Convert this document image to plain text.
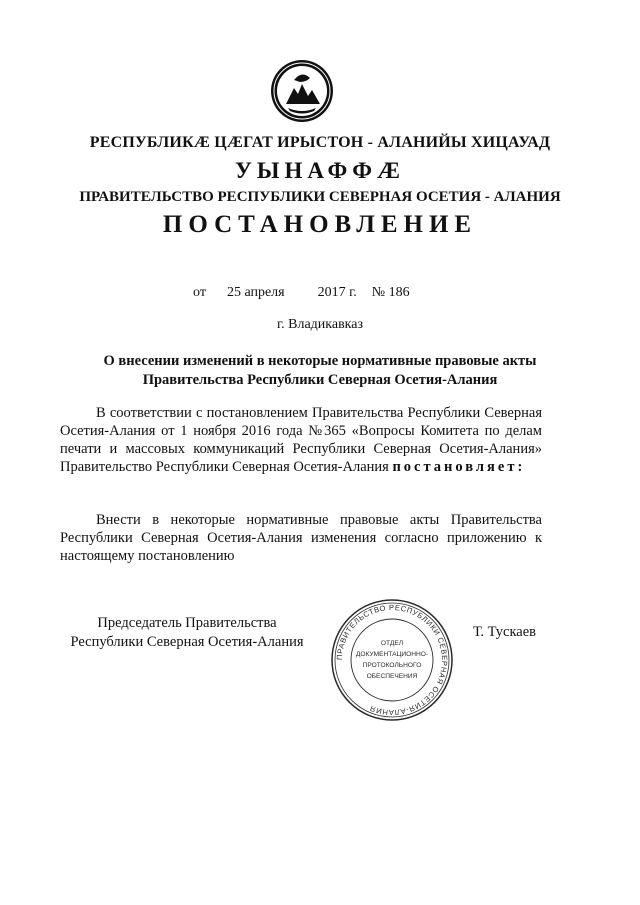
РЕСПУБЛИКӔ ЦӔГАТ ИРЫСТОН - АЛАНИЙЫ ХИЦАУАД
УЫНАФФӔ
ПРАВИТЕЛЬСТВО РЕСПУБЛИКИ СЕВЕРНАЯ ОСЕТИЯ - АЛАНИЯ
ПОСТАНОВЛЕНИЕ
от 25 апреля 2017 г. № 186
г. Владикавказ
О внесении изменений в некоторые нормативные правовые акты
Правительства Республики Северная Осетия-Алания
В соответствии с постановлением Правительства Республики Северная Осетия-Алания от 1 ноября 2016 года №365 «Вопросы Комитета по делам печати и массовых коммуникаций Республики Северная Осетия-Алания» Правительство Республики Северная Осетия-Алания постановляет:
Внести в некоторые нормативные правовые акты Правительства Республики Северная Осетия-Алания изменения согласно приложению к настоящему постановлению
Председатель Правительства
Республики Северная Осетия-Алания
ПРАВИТЕЛЬСТВО РЕСПУБЛИКИ СЕВЕРНАЯ ОСЕТИЯ-АЛАНИЯ
ОТДЕЛ
ДОКУМЕНТАЦИОННО-
ПРОТОКОЛЬНОГО
ОБЕСПЕЧЕНИЯ
Т. Тускаев
